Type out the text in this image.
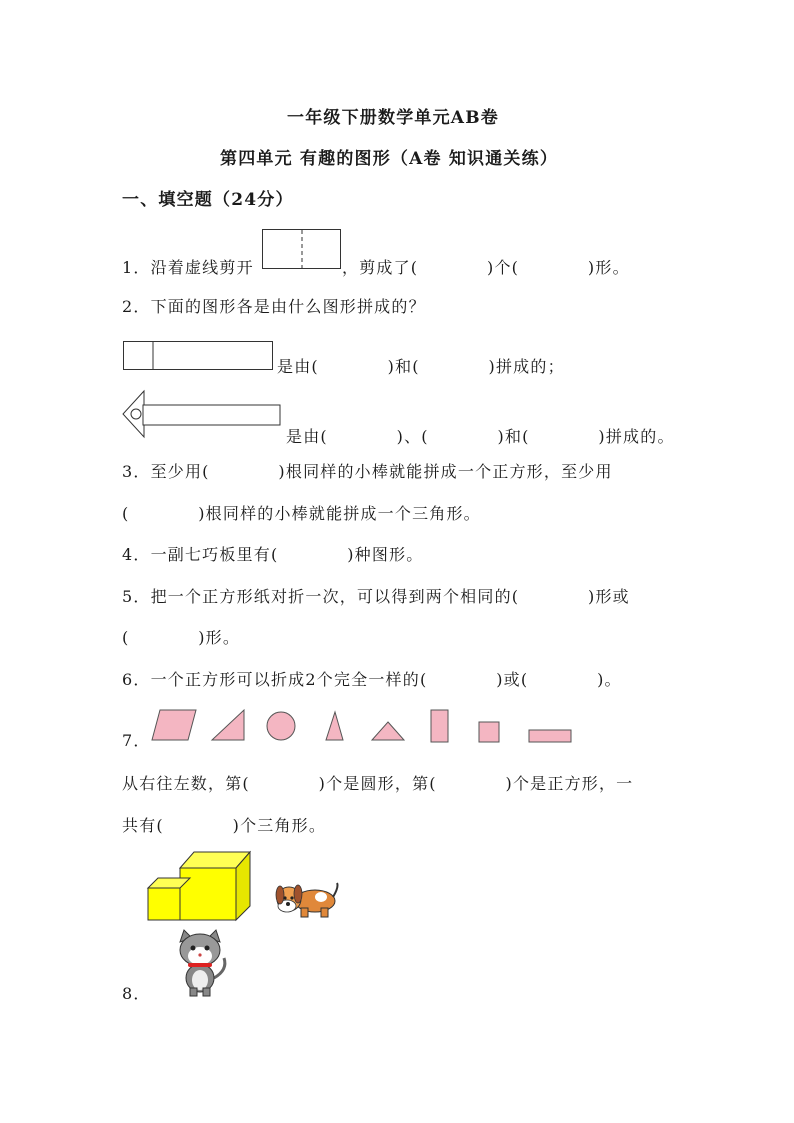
一年级下册数学单元AB卷
第四单元 有趣的图形（A卷 知识通关练）
一、填空题（24分）
1．沿着虚线剪开	，剪成了(　　　　)个(　　　　)形。
2．下面的图形各是由什么图形拼成的？
是由(　　　　)和(　　　　)拼成的；
是由(　　　　)、(　　　　)和(　　　　)拼成的。
3．至少用(　　　　)根同样的小棒就能拼成一个正方形，至少用
(　　　　)根同样的小棒就能拼成一个三角形。
4．一副七巧板里有(　　　　)种图形。
5．把一个正方形纸对折一次，可以得到两个相同的(　　　　)形或
(　　　　)形。
6．一个正方形可以折成2个完全一样的(　　　　)或(　　　　)。
7．
从右往左数，第(　　　　)个是圆形，第(　　　　)个是正方形，一
共有(　　　　)个三角形。
8．
